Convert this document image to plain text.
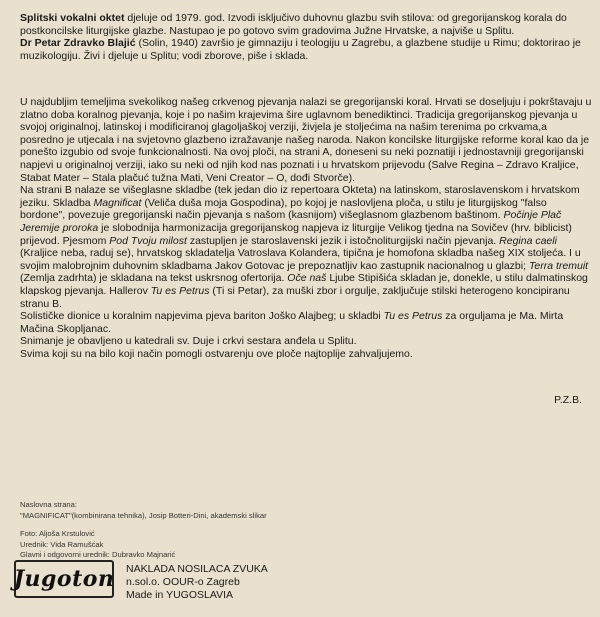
Splitski vokalni oktet djeluje od 1979. god. Izvodi isključivo duhovnu glazbu svih stilova: od gregorijanskog korala do postkoncilske liturgijske glazbe. Nastupao je po gotovo svim gradovima Južne Hrvatske, a najviše u Splitu.

Dr Petar Zdravko Blajić (Solin, 1940) završio je gimnaziju i teologiju u Zagrebu, a glazbene studije u Rimu; doktorirao je muzikologiju. Živi i djeluje u Splitu; vodi zborove, piše i sklada.

U najdubljim temeljima svekolikog našeg crkvenog pjevanja nalazi se gregorijanski koral. Hrvati se doseljuju i pokrštavaju u zlatno doba koralnog pjevanja, koje i po našim krajevima šire uglavnom benediktinci. Tradicija gregorijanskog pjevanja u svojoj originalnoj, latinskoj i modificiranoj glagoljaškoj verziji, živjela je stoljećima na našim terenima po crkvama,a posredno je utjecala i na svjetovno glazbeno izražavanje našeg naroda. Nakon koncilske liturgijske reforme koral kao da je ponešto izgubio od svoje funkcionalnosti. Na ovoj ploči, na strani A, doneseni su neki poznatiji i jednostavniji gregorijanski napjevi u originalnoj verziji, iako su neki od njih kod nas poznati i u hrvatskom prijevodu (Salve Regina – Zdravo Kraljice, Stabat Mater – Stala plačuć tužna Mati, Veni Creator – O, dođi Stvorče).

Na strani B nalaze se višeglasne skladbe (tek jedan dio iz repertoara Okteta) na latinskom, staroslavenskom i hrvatskom jeziku. Skladba Magnificat (Veliča duša moja Gospodina), po kojoj je naslovljena ploča, u stilu je liturgijskog "falso bordone", povezuje gregorijanski način pjevanja s našom (kasnijom) višeglasnom glazbenom baštinom. Počinje Plač Jeremije proroka je slobodnija harmonizacija gregorijanskog napjeva iz liturgije Velikog tjedna na Sovičev (hrv. biblicist) prijevod. Pjesmom Pod Tvoju milost zastupljen je staroslavenski jezik i istočnoliturgijski način pjevanja. Regina caeli (Kraljice neba, raduj se), hrvatskog skladatelja Vatroslava Kolandera, tipična je homofona skladba našeg XIX stoljeća. I u svojim malobrojnim duhovnim skladbama Jakov Gotovac je prepoznatljiv kao zastupnik nacionalnog u glazbi; Terra tremuit (Zemlja zadrhta) je skladana na tekst uskrsnog ofertorija. Oče naš Ljube Stipišića skladan je, donekle, u stilu dalmatinskog klapskog pjevanja. Hallerov Tu es Petrus (Ti si Petar), za muški zbor i orgulje, zaključuje stilski heterogeno koncipiranu stranu B.

Solističke dionice u koralnim napjevima pjeva bariton Joško Alajbeg; u skladbi Tu es Petrus za orguljama je Ma. Mirta Mačina Skopljanac.

Snimanje je obavljeno u katedrali sv. Duje i crkvi sestara anđela u Splitu.

Svima koji su na bilo koji način pomogli ostvarenju ove ploče najtoplije zahvaljujemo.

P.Z.B.
Naslovna strana:
"MAGNIFICAT"(kombinirana tehnika), Josip Botteri-Dini, akademski slikar
Foto: Aljoša Krstulović
Urednik: Vida Ramušćak
Glavni i odgovorni urednik: Dubravko Majnarić
Jugoton NAKLADA NOSILACA ZVUKA
n.sol.o. OOUR-o Zagreb
Made in YUGOSLAVIA
